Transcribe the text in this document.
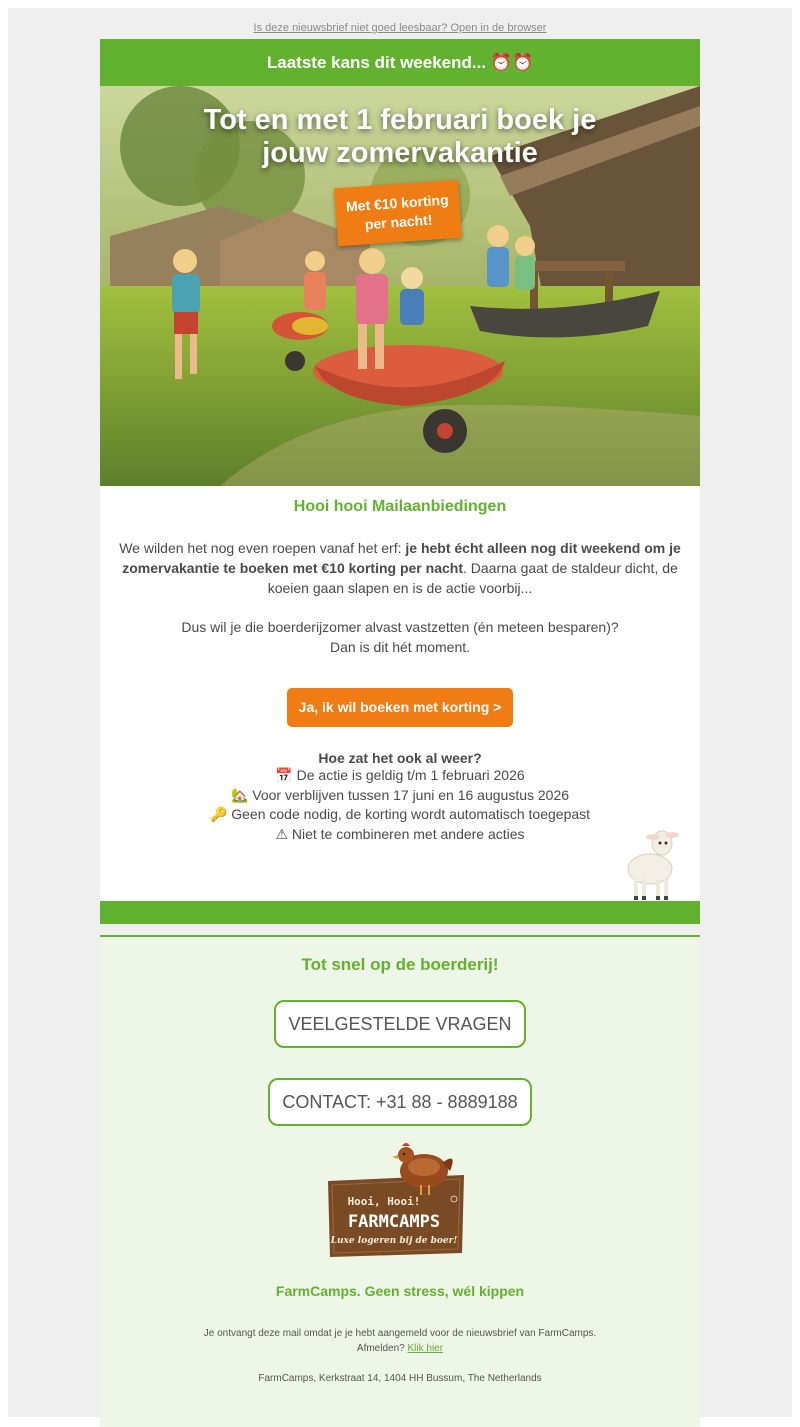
Is deze nieuwsbrief niet goed leesbaar? Open in de browser
Laatste kans dit weekend... ⏰⏰
Tot en met 1 februari boek je
jouw zomervakantie
Met €10 korting
per nacht!

Hooi hooi Mailaanbiedingen

We wilden het nog even roepen vanaf het erf: je hebt écht alleen nog dit weekend om je zomervakantie te boeken met €10 korting per nacht. Daarna gaat de staldeur dicht, de koeien gaan slapen en is de actie voorbij...

Dus wil je die boerderijzomer alvast vastzetten (én meteen besparen)?
Dan is dit hét moment.

Ja, ik wil boeken met korting >
Hoe zat het ook al weer?
📅 De actie is geldig t/m 1 februari 2026
🏡 Voor verblijven tussen 17 juni en 16 augustus 2026
🔑 Geen code nodig, de korting wordt automatisch toegepast
⚠ Niet te combineren met andere acties

Tot snel op de boerderij!

VEELGESTELDE VRAGEN
CONTACT: +31 88 - 8889188
Hooi, Hooi!
FARMCAMPS
Luxe logeren bij de boer!
FarmCamps. Geen stress, wél kippen
Je ontvangt deze mail omdat je je hebt aangemeld voor de nieuwsbrief van FarmCamps.
Afmelden? Klik hier
FarmCamps, Kerkstraat 14, 1404 HH Bussum, The Netherlands
